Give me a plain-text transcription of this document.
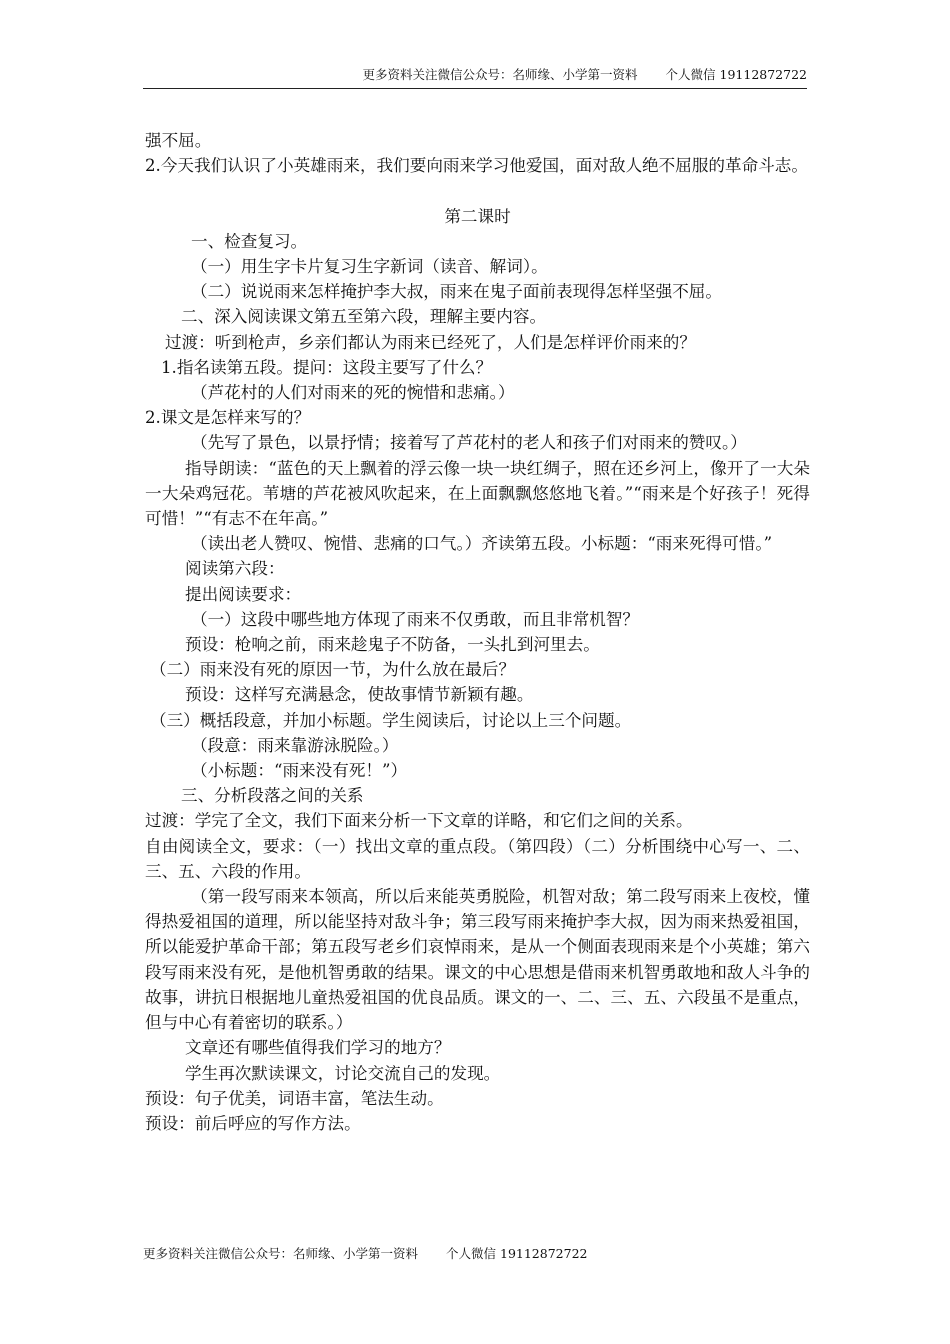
更多资料关注微信公众号：名师缘、小学第一资料 个人微信 19112872722

强不屈。

2.今天我们认识了小英雄雨来，我们要向雨来学习他爱国，面对敌人绝不屈服的革命斗志。

第二课时

一、检查复习。

（一）用生字卡片复习生字新词（读音、解词）。

（二）说说雨来怎样掩护李大叔，雨来在鬼子面前表现得怎样坚强不屈。

二、深入阅读课文第五至第六段，理解主要内容。

过渡：听到枪声，乡亲们都认为雨来已经死了，人们是怎样评价雨来的？

1.指名读第五段。提问：这段主要写了什么？

（芦花村的人们对雨来的死的惋惜和悲痛。）

2.课文是怎样来写的？

（先写了景色，以景抒情；接着写了芦花村的老人和孩子们对雨来的赞叹。）

指导朗读：“蓝色的天上飘着的浮云像一块一块红绸子，照在还乡河上，像开了一大朵一大朵鸡冠花。苇塘的芦花被风吹起来，在上面飘飘悠悠地飞着。”“雨来是个好孩子！死得可惜！”“有志不在年高。”

（读出老人赞叹、惋惜、悲痛的口气。）齐读第五段。小标题：“雨来死得可惜。”

阅读第六段：

提出阅读要求：

（一）这段中哪些地方体现了雨来不仅勇敢，而且非常机智？

预设：枪响之前，雨来趁鬼子不防备，一头扎到河里去。

（二）雨来没有死的原因一节，为什么放在最后？

预设：这样写充满悬念，使故事情节新颖有趣。

（三）概括段意，并加小标题。学生阅读后，讨论以上三个问题。

（段意：雨来靠游泳脱险。）

（小标题：“雨来没有死！”）

三、分析段落之间的关系

过渡：学完了全文，我们下面来分析一下文章的详略，和它们之间的关系。

自由阅读全文，要求：（一）找出文章的重点段。（第四段）（二）分析围绕中心写一、二、三、五、六段的作用。

（第一段写雨来本领高，所以后来能英勇脱险，机智对敌；第二段写雨来上夜校，懂得热爱祖国的道理，所以能坚持对敌斗争；第三段写雨来掩护李大叔，因为雨来热爱祖国，所以能爱护革命干部；第五段写老乡们哀悼雨来，是从一个侧面表现雨来是个小英雄；第六段写雨来没有死，是他机智勇敢的结果。课文的中心思想是借雨来机智勇敢地和敌人斗争的故事，讲抗日根据地儿童热爱祖国的优良品质。课文的一、二、三、五、六段虽不是重点，但与中心有着密切的联系。）

文章还有哪些值得我们学习的地方？

学生再次默读课文，讨论交流自己的发现。

预设：句子优美，词语丰富，笔法生动。

预设：前后呼应的写作方法。

更多资料关注微信公众号：名师缘、小学第一资料 个人微信 19112872722
